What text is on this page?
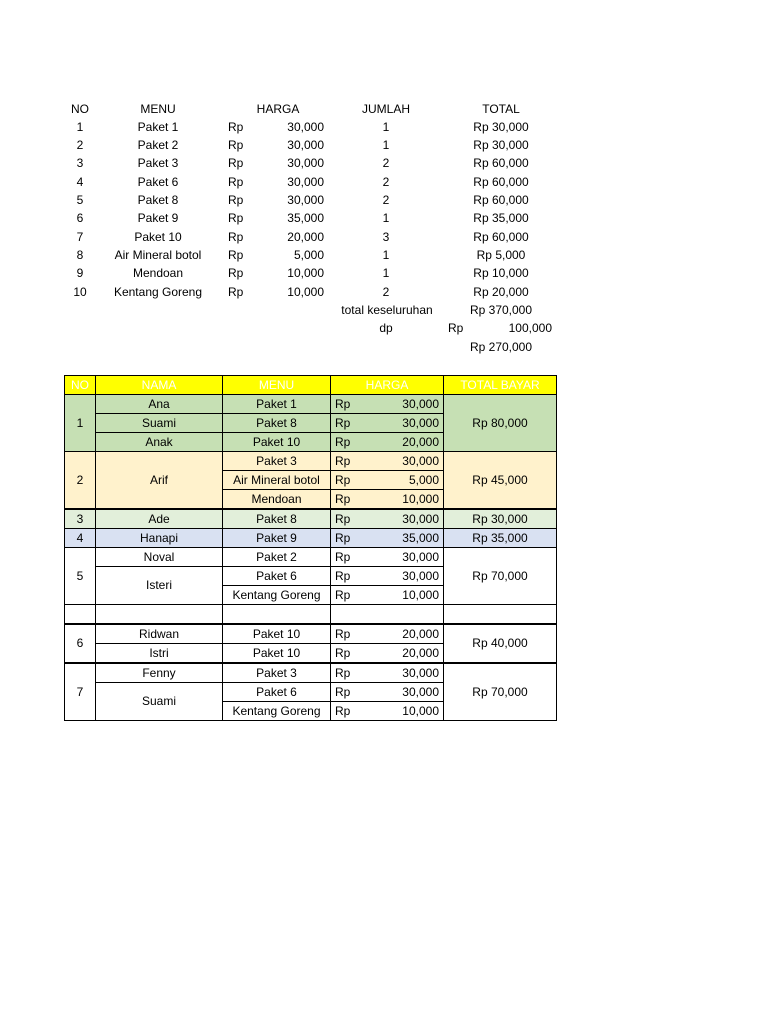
NO	MENU	HARGA	JUMLAH	TOTAL
1	Paket 1	Rp	30,000	1	Rp 30,000
2	Paket 2	Rp	30,000	1	Rp 30,000
3	Paket 3	Rp	30,000	2	Rp 60,000
4	Paket 6	Rp	30,000	2	Rp 60,000
5	Paket 8	Rp	30,000	2	Rp 60,000
6	Paket 9	Rp	35,000	1	Rp 35,000
7	Paket 10	Rp	20,000	3	Rp 60,000
8	Air Mineral botol	Rp	5,000	1	Rp 5,000
9	Mendoan	Rp	10,000	1	Rp 10,000
10	Kentang Goreng	Rp	10,000	2	Rp 20,000
total keseluruhan	Rp 370,000
dp	Rp	100,000
Rp 270,000
NO	NAMA	MENU	HARGA		TOTAL BAYAR
1	Ana	Paket 1	Rp	30,000	Rp 80,000
	Suami	Paket 8	Rp	30,000	
	Anak	Paket 10	Rp	20,000	
2	Arif	Paket 3	Rp	30,000	Rp 45,000
		Air Mineral botol	Rp	5,000	
		Mendoan	Rp	10,000	
3	Ade	Paket 8	Rp	30,000	Rp 30,000
4	Hanapi	Paket 9	Rp	35,000	Rp 35,000
5	Noval	Paket 2	Rp	30,000	Rp 70,000
	Isteri	Paket 6	Rp	30,000	
		Kentang Goreng	Rp	10,000	

6	Ridwan	Paket 10	Rp	20,000	Rp 40,000
	Istri	Paket 10	Rp	20,000	
7	Fenny	Paket 3	Rp	30,000	Rp 70,000
	Suami	Paket 6	Rp	30,000	
		Kentang Goreng	Rp	10,000	
